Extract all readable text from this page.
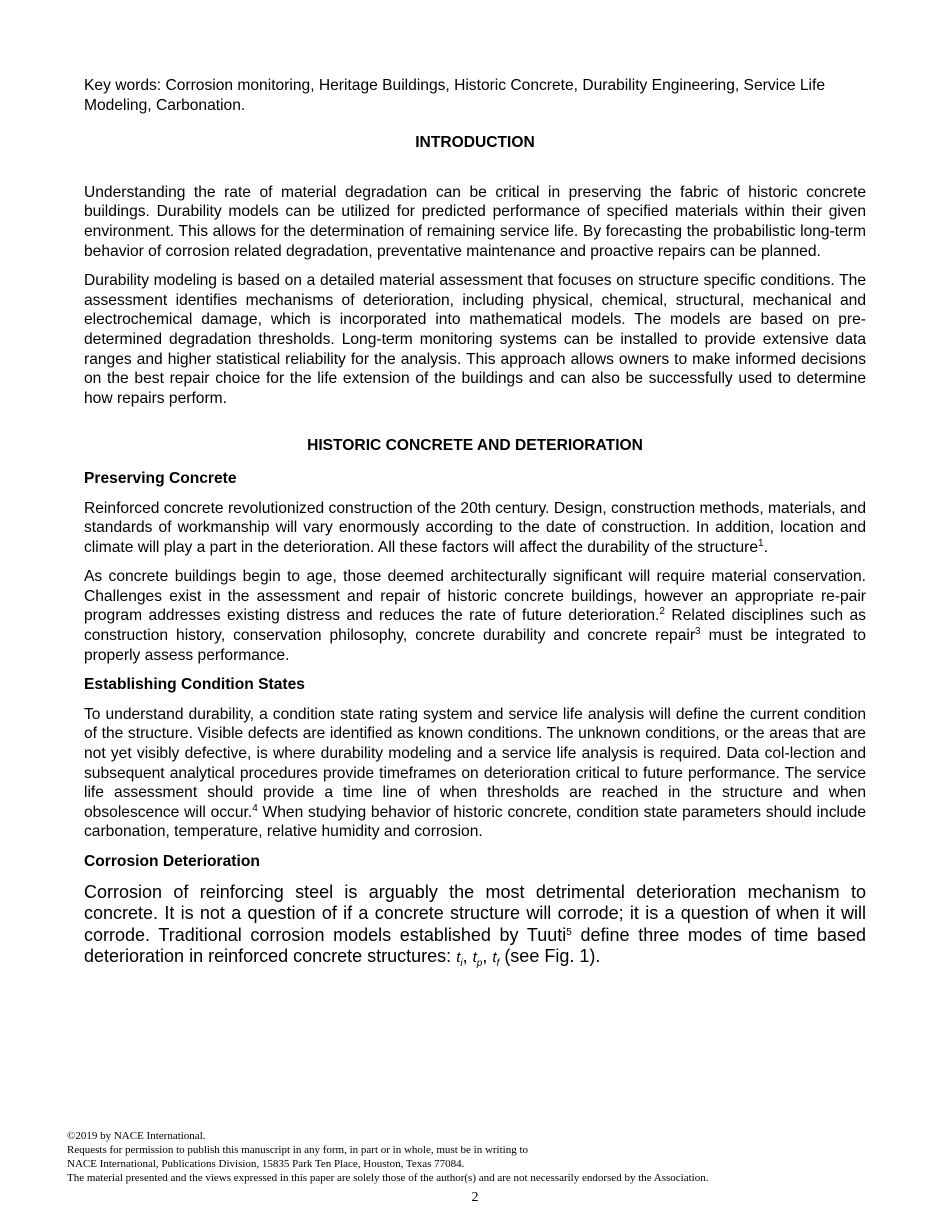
Key words: Corrosion monitoring, Heritage Buildings, Historic Concrete, Durability Engineering, Service Life Modeling, Carbonation.

INTRODUCTION

Understanding the rate of material degradation can be critical in preserving the fabric of historic concrete buildings. Durability models can be utilized for predicted performance of specified materials within their given environment. This allows for the determination of remaining service life. By forecasting the probabilistic long-term behavior of corrosion related degradation, preventative maintenance and proactive repairs can be planned.

Durability modeling is based on a detailed material assessment that focuses on structure specific conditions. The assessment identifies mechanisms of deterioration, including physical, chemical, structural, mechanical and electrochemical damage, which is incorporated into mathematical models. The models are based on pre-determined degradation thresholds. Long-term monitoring systems can be installed to provide extensive data ranges and higher statistical reliability for the analysis. This approach allows owners to make informed decisions on the best repair choice for the life extension of the buildings and can also be successfully used to determine how repairs perform.

HISTORIC CONCRETE AND DETERIORATION

Preserving Concrete

Reinforced concrete revolutionized construction of the 20th century. Design, construction methods, materials, and standards of workmanship will vary enormously according to the date of construction. In addition, location and climate will play a part in the deterioration. All these factors will affect the durability of the structure$^1$.

As concrete buildings begin to age, those deemed architecturally significant will require material conservation. Challenges exist in the assessment and repair of historic concrete buildings, however an appropriate re-pair program addresses existing distress and reduces the rate of future deterioration.$^2$ Related disciplines such as construction history, conservation philosophy, concrete durability and concrete repair$^3$ must be integrated to properly assess performance.

Establishing Condition States

To understand durability, a condition state rating system and service life analysis will define the current condition of the structure. Visible defects are identified as known conditions. The unknown conditions, or the areas that are not yet visibly defective, is where durability modeling and a service life analysis is required. Data col-lection and subsequent analytical procedures provide timeframes on deterioration critical to future performance. The service life assessment should provide a time line of when thresholds are reached in the structure and when obsolescence will occur.$^4$ When studying behavior of historic concrete, condition state parameters should include carbonation, temperature, relative humidity and corrosion.

Corrosion Deterioration

Corrosion of reinforcing steel is arguably the most detrimental deterioration mechanism to concrete. It is not a question of if a concrete structure will corrode; it is a question of when it will corrode. Traditional corrosion models established by Tuuti$^5$ define three modes of time based deterioration in reinforced concrete structures: $t_i$, $t_p$, $t_f$ (see Fig. 1).

©2019 by NACE International.
Requests for permission to publish this manuscript in any form, in part or in whole, must be in writing to
NACE International, Publications Division, 15835 Park Ten Place, Houston, Texas 77084.
The material presented and the views expressed in this paper are solely those of the author(s) and are not necessarily endorsed by the Association.
2
